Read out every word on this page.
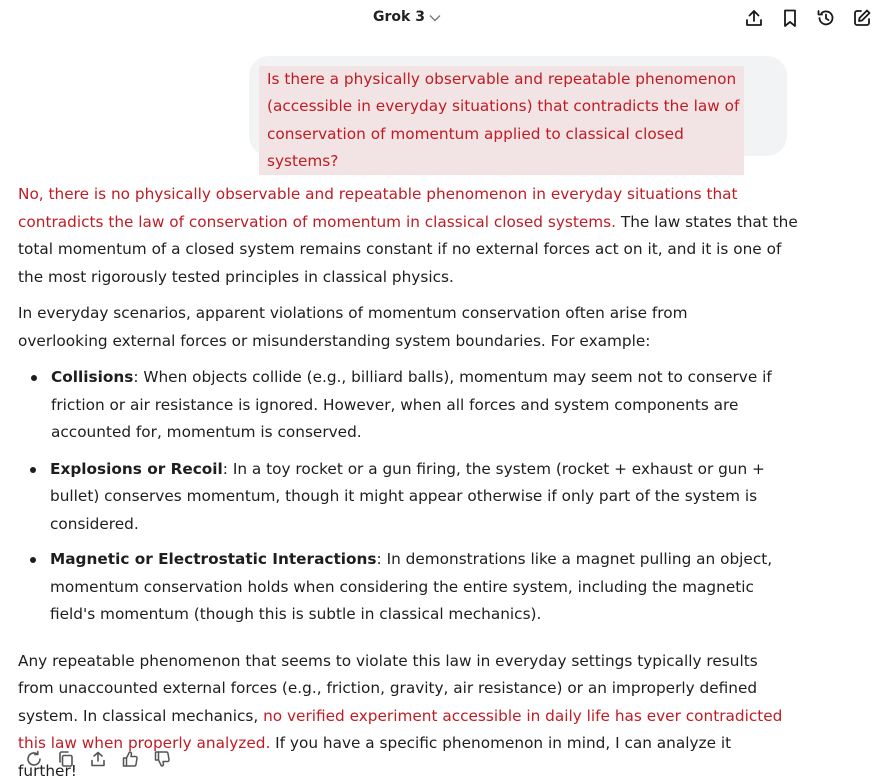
Grok 3
Is there a physically observable and repeatable phenomenon (accessible in everyday situations) that contradicts the law of conservation of momentum applied to classical closed systems?

No, there is no physically observable and repeatable phenomenon in everyday situations that contradicts the law of conservation of momentum in classical closed systems. The law states that the total momentum of a closed system remains constant if no external forces act on it, and it is one of the most rigorously tested principles in classical physics.

In everyday scenarios, apparent violations of momentum conservation often arise from overlooking external forces or misunderstanding system boundaries. For example:

Collisions: When objects collide (e.g., billiard balls), momentum may seem not to conserve if friction or air resistance is ignored. However, when all forces and system components are accounted for, momentum is conserved.
Explosions or Recoil: In a toy rocket or a gun firing, the system (rocket + exhaust or gun + bullet) conserves momentum, though it might appear otherwise if only part of the system is considered.
Magnetic or Electrostatic Interactions: In demonstrations like a magnet pulling an object, momentum conservation holds when considering the entire system, including the magnetic field's momentum (though this is subtle in classical mechanics).

Any repeatable phenomenon that seems to violate this law in everyday settings typically results from unaccounted external forces (e.g., friction, gravity, air resistance) or an improperly defined system. In classical mechanics, no verified experiment accessible in daily life has ever contradicted this law when properly analyzed. If you have a specific phenomenon in mind, I can analyze it further!
